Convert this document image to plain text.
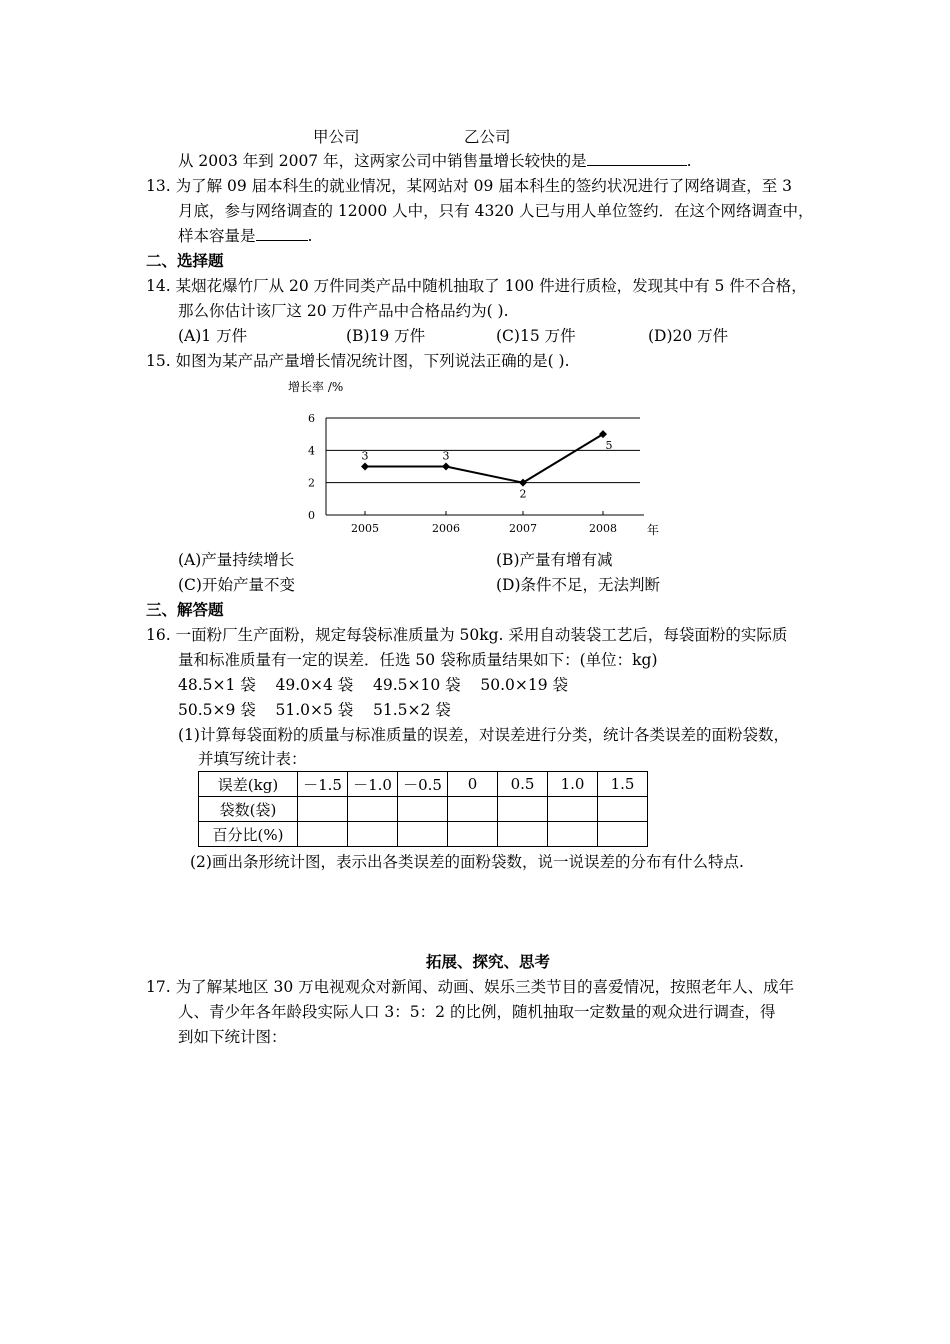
甲公司	乙公司
从 2003 年到 2007 年，这两家公司中销售量增长较快的是	.
13. 为了解 09 届本科生的就业情况，某网站对 09 届本科生的签约状况进行了网络调查，至 3
月底，参与网络调查的 12000 人中，只有 4320 人已与用人单位签约．在这个网络调查中，
样本容量是	.
二、选择题
14. 某烟花爆竹厂从 20 万件同类产品中随机抽取了 100 件进行质检，发现其中有 5 件不合格，
那么你估计该厂这 20 万件产品中合格品约为( ).
(A)1 万件	(B)19 万件	(C)15 万件	(D)20 万件
15. 如图为某产品产量增长情况统计图，下列说法正确的是( ).
增长率 /%
0
2
4
6
2005	2006	2007	2008
3	3
2
5
年
(A)产量持续增长	(B)产量有增有减
(C)开始产量不变	(D)条件不足，无法判断
三、解答题
16. 一面粉厂生产面粉，规定每袋标准质量为 50kg. 采用自动装袋工艺后，每袋面粉的实际质
量和标准质量有一定的误差．任选 50 袋称质量结果如下：(单位：kg)
48.5×1 袋    49.0×4 袋    49.5×10 袋    50.0×19 袋
50.5×9 袋    51.0×5 袋    51.5×2 袋
(1)计算每袋面粉的质量与标准质量的误差，对误差进行分类，统计各类误差的面粉袋数，
并填写统计表：
误差(kg)	－1.5	－1.0	－0.5	0	0.5	1.0	1.5
袋数(袋)							
百分比(%)							
(2)画出条形统计图，表示出各类误差的面粉袋数，说一说误差的分布有什么特点.
拓展、探究、思考
17. 为了解某地区 30 万电视观众对新闻、动画、娱乐三类节目的喜爱情况，按照老年人、成年
人、青少年各年龄段实际人口 3：5：2 的比例，随机抽取一定数量的观众进行调查，得
到如下统计图：
